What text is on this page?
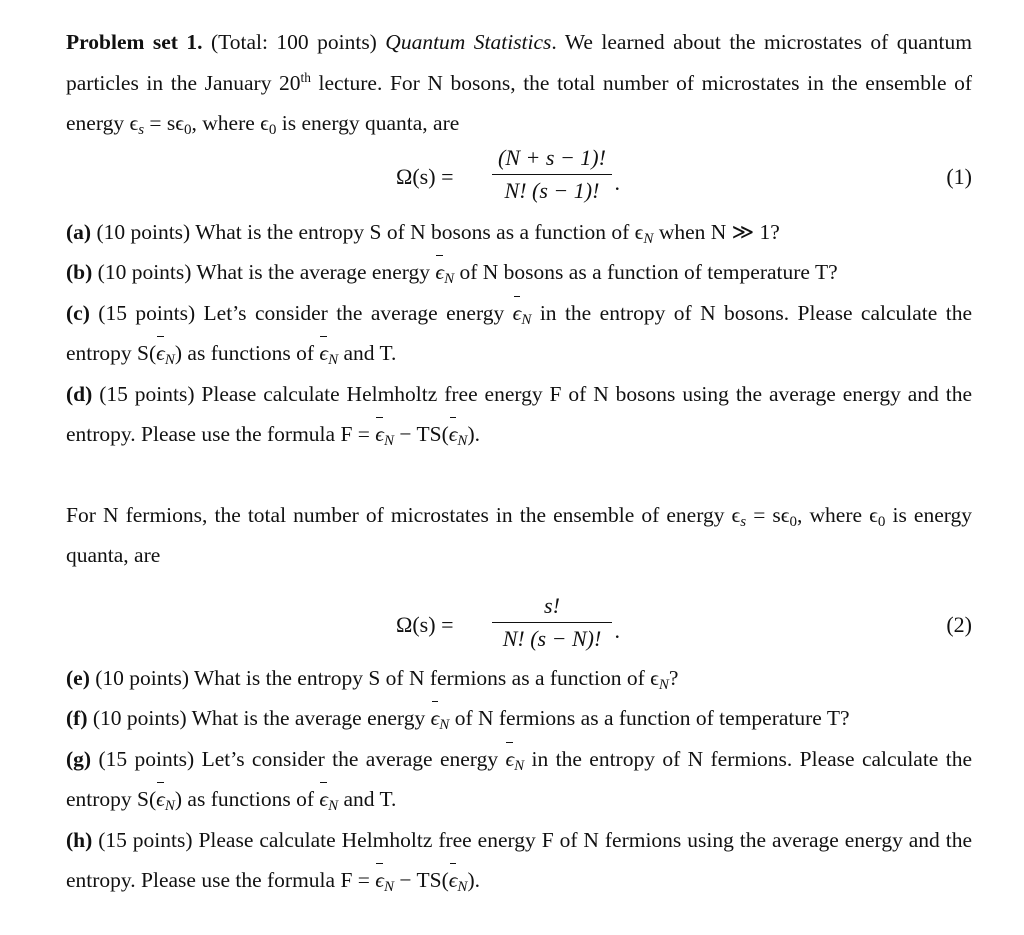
Problem set 1. (Total: 100 points) Quantum Statistics. We learned about the microstates of quantum particles in the January 20th lecture. For N bosons, the total number of microstates in the ensemble of energy $\epsilon_s = s\epsilon_0$, where $\epsilon_0$ is energy quanta, are
Ω(s) =
(N + s − 1)!
N! (s − 1)! .	(1)
(a) (10 points) What is the entropy S of N bosons as a function of $\epsilon_N$ when N ≫ 1?
(b) (10 points) What is the average energy $\epsilon_N$ of N bosons as a function of temperature T?
(c) (15 points) Let’s consider the average energy $\epsilon_N$ in the entropy of N bosons. Please calculate the entropy $S(\epsilon_N)$ as functions of $\epsilon_N$ and T.
(d) (15 points) Please calculate Helmholtz free energy F of N bosons using the average energy and the entropy. Please use the formula $F = \epsilon_N - TS(\epsilon_N)$.
For N fermions, the total number of microstates in the ensemble of energy $\epsilon_s = s\epsilon_0$, where $\epsilon_0$ is energy quanta, are
Ω(s) =
s!
N! (s − N)! .	(2)
(e) (10 points) What is the entropy S of N fermions as a function of $\epsilon_N$?
(f) (10 points) What is the average energy $\epsilon_N$ of N fermions as a function of temperature T?
(g) (15 points) Let’s consider the average energy $\epsilon_N$ in the entropy of N fermions. Please calculate the entropy $S(\epsilon_N)$ as functions of $\epsilon_N$ and T.
(h) (15 points) Please calculate Helmholtz free energy F of N fermions using the average energy and the entropy. Please use the formula $F = \epsilon_N - TS(\epsilon_N)$.
